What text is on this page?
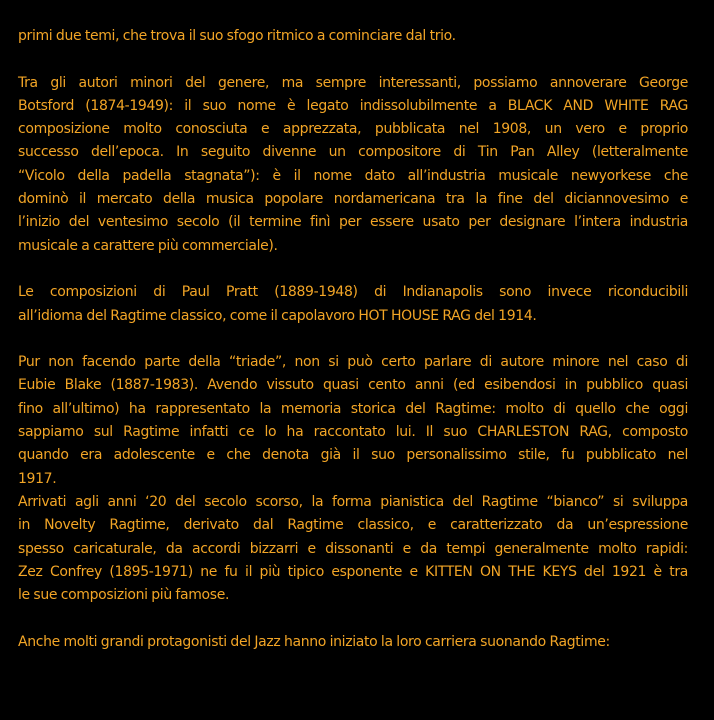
primi due temi, che trova il suo sfogo ritmico a cominciare dal trio.

Tra gli autori minori del genere, ma sempre interessanti, possiamo annoverare George
Botsford (1874-1949): il suo nome è legato indissolubilmente a BLACK AND WHITE RAG
composizione molto conosciuta e apprezzata, pubblicata nel 1908, un vero e proprio
successo dell’epoca. In seguito divenne un compositore di Tin Pan Alley (letteralmente
“Vicolo della padella stagnata”): è il nome dato all’industria musicale newyorkese che
dominò il mercato della musica popolare nordamericana tra la fine del diciannovesimo e
l’inizio del ventesimo secolo (il termine finì per essere usato per designare l’intera industria
musicale a carattere più commerciale).

Le composizioni di Paul Pratt (1889-1948) di Indianapolis sono invece riconducibili
all’idioma del Ragtime classico, come il capolavoro HOT HOUSE RAG del 1914.

Pur non facendo parte della “triade”, non si può certo parlare di autore minore nel caso di
Eubie Blake (1887-1983). Avendo vissuto quasi cento anni (ed esibendosi in pubblico quasi
fino all’ultimo) ha rappresentato la memoria storica del Ragtime: molto di quello che oggi
sappiamo sul Ragtime infatti ce lo ha raccontato lui. Il suo CHARLESTON RAG, composto
quando era adolescente e che denota già il suo personalissimo stile, fu pubblicato nel
1917.

Arrivati agli anni ‘20 del secolo scorso, la forma pianistica del Ragtime “bianco” si sviluppa
in Novelty Ragtime, derivato dal Ragtime classico, e caratterizzato da un’espressione
spesso caricaturale, da accordi bizzarri e dissonanti e da tempi generalmente molto rapidi:
Zez Confrey (1895-1971) ne fu il più tipico esponente e KITTEN ON THE KEYS del 1921 è tra
le sue composizioni più famose.

Anche molti grandi protagonisti del Jazz hanno iniziato la loro carriera suonando Ragtime:
